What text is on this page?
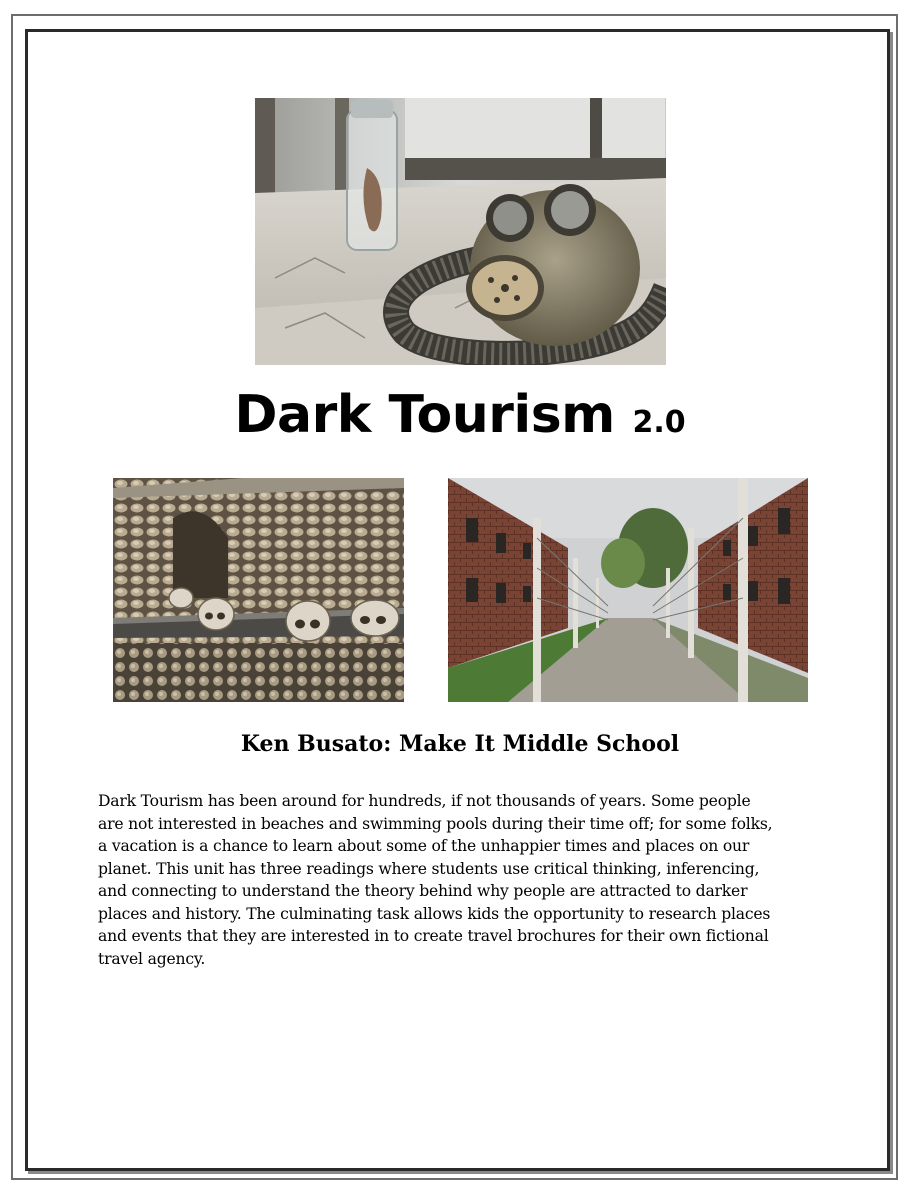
Dark Tourism 2.0
Ken Busato: Make It Middle School
Dark Tourism has been around for hundreds, if not thousands of years. Some people
are not interested in beaches and swimming pools during their time off; for some folks,
a vacation is a chance to learn about some of the unhappier times and places on our
planet. This unit has three readings where students use critical thinking, inferencing,
and connecting to understand the theory behind why people are attracted to darker
places and history. The culminating task allows kids the opportunity to research places
and events that they are interested in to create travel brochures for their own fictional
travel agency.
